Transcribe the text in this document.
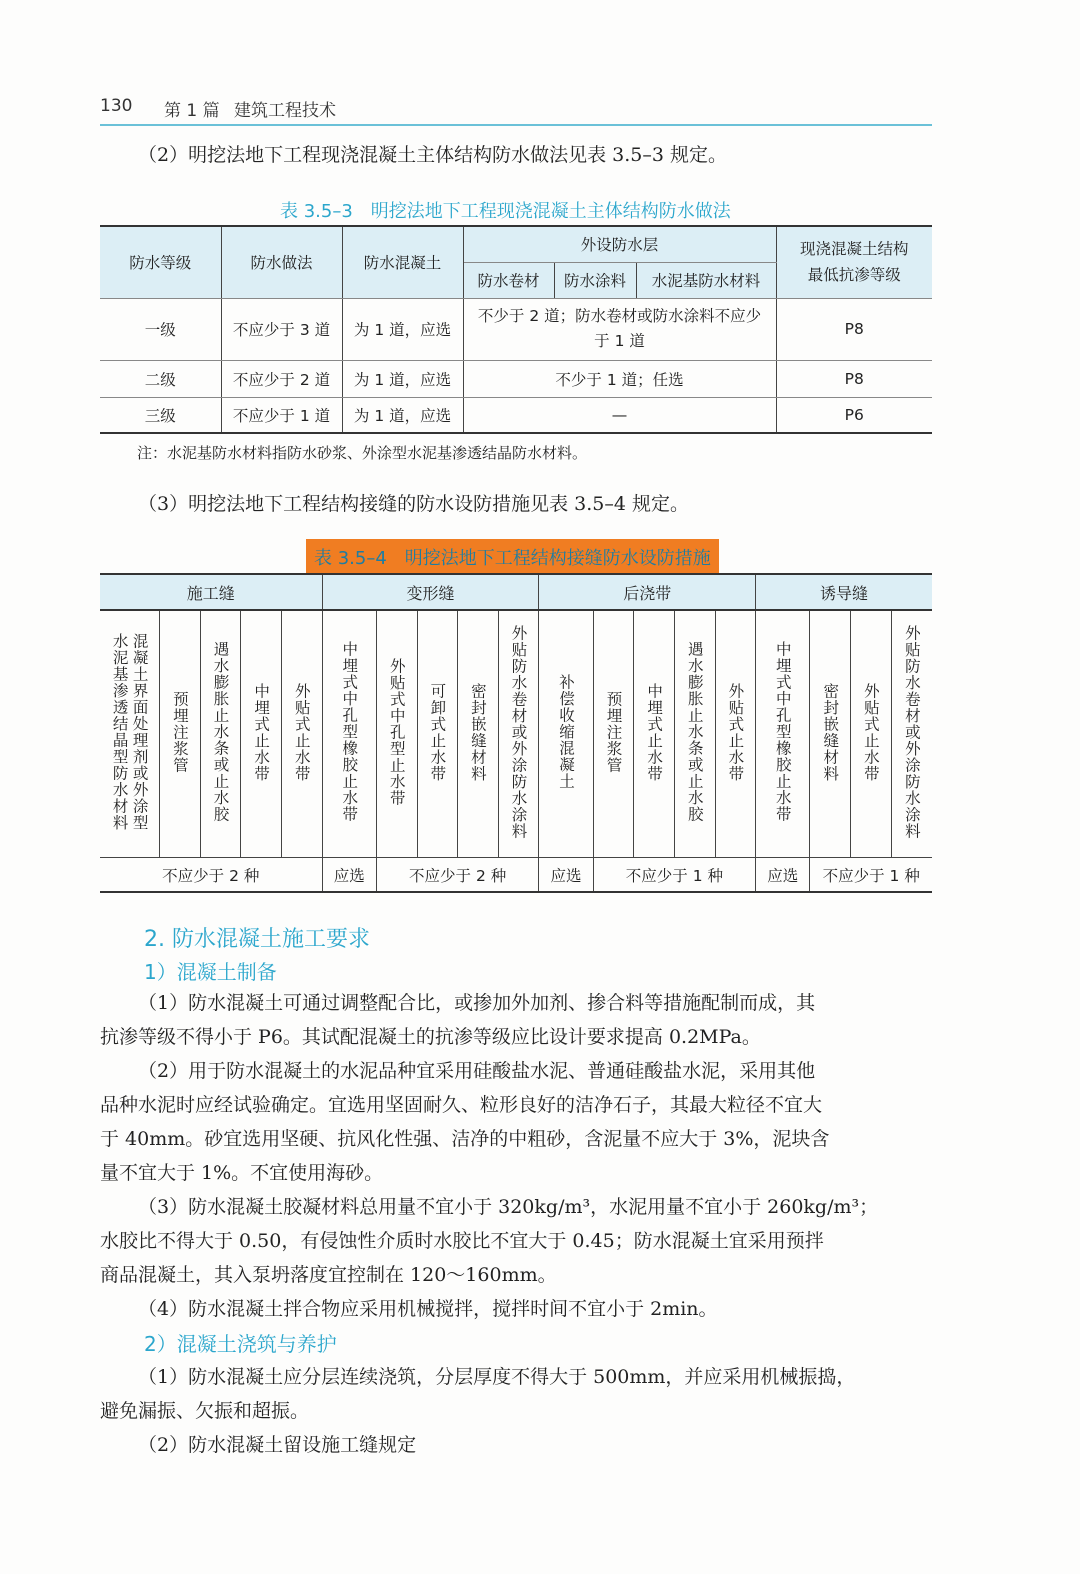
130 第 1 篇 建筑工程技术
（2）明挖法地下工程现浇混凝土主体结构防水做法见表 3.5–3 规定。
表 3.5–3　明挖法地下工程现浇混凝土主体结构防水做法
防水等级	防水做法	防水混凝土	外设防水层			现浇混凝土结构
最低抗渗等级

			防水卷材	防水涂料	水泥基防水材料	
一级	不应少于 3 道	为 1 道，应选	不少于 2 道；防水卷材或防水涂料不应少于 1 道			P8
二级	不应少于 2 道	为 1 道，应选	不少于 1 道；任选			P8
三级	不应少于 1 道	为 1 道，应选	—			P6
注：水泥基防水材料指防水砂浆、外涂型水泥基渗透结晶防水材料。
（3）明挖法地下工程结构接缝的防水设防措施见表 3.5–4 规定。
表 3.5–4　明挖法地下工程结构接缝防水设防措施
施工缝					变形缝					后浇带					诱导缝			
混凝土界面处理剂或外涂型水泥基渗透结晶型防水材料	预埋注浆管	遇水膨胀止水条或止水胶	中埋式止水带	外贴式止水带	中埋式中孔型橡胶止水带	外贴式中孔型止水带	可卸式止水带	密封嵌缝材料	外贴防水卷材或外涂防水涂料	补偿收缩混凝土	预埋注浆管	中埋式止水带	遇水膨胀止水条或止水胶	外贴式止水带	中埋式中孔型橡胶止水带	密封嵌缝材料	外贴式止水带	外贴防水卷材或外涂防水涂料
不应少于 2 种					应选	不应少于 2 种				应选	不应少于 1 种				应选	不应少于 1 种		
2. 防水混凝土施工要求
1）混凝土制备
（1）防水混凝土可通过调整配合比，或掺加外加剂、掺合料等措施配制而成，其
抗渗等级不得小于 P6。其试配混凝土的抗渗等级应比设计要求提高 0.2MPa。
（2）用于防水混凝土的水泥品种宜采用硅酸盐水泥、普通硅酸盐水泥，采用其他
品种水泥时应经试验确定。宜选用坚固耐久、粒形良好的洁净石子，其最大粒径不宜大
于 40mm。砂宜选用坚硬、抗风化性强、洁净的中粗砂，含泥量不应大于 3%，泥块含
量不宜大于 1%。不宜使用海砂。
（3）防水混凝土胶凝材料总用量不宜小于 320kg/m³，水泥用量不宜小于 260kg/m³；
水胶比不得大于 0.50，有侵蚀性介质时水胶比不宜大于 0.45；防水混凝土宜采用预拌
商品混凝土，其入泵坍落度宜控制在 120～160mm。
（4）防水混凝土拌合物应采用机械搅拌，搅拌时间不宜小于 2min。
2）混凝土浇筑与养护
（1）防水混凝土应分层连续浇筑，分层厚度不得大于 500mm，并应采用机械振捣，
避免漏振、欠振和超振。
（2）防水混凝土留设施工缝规定
